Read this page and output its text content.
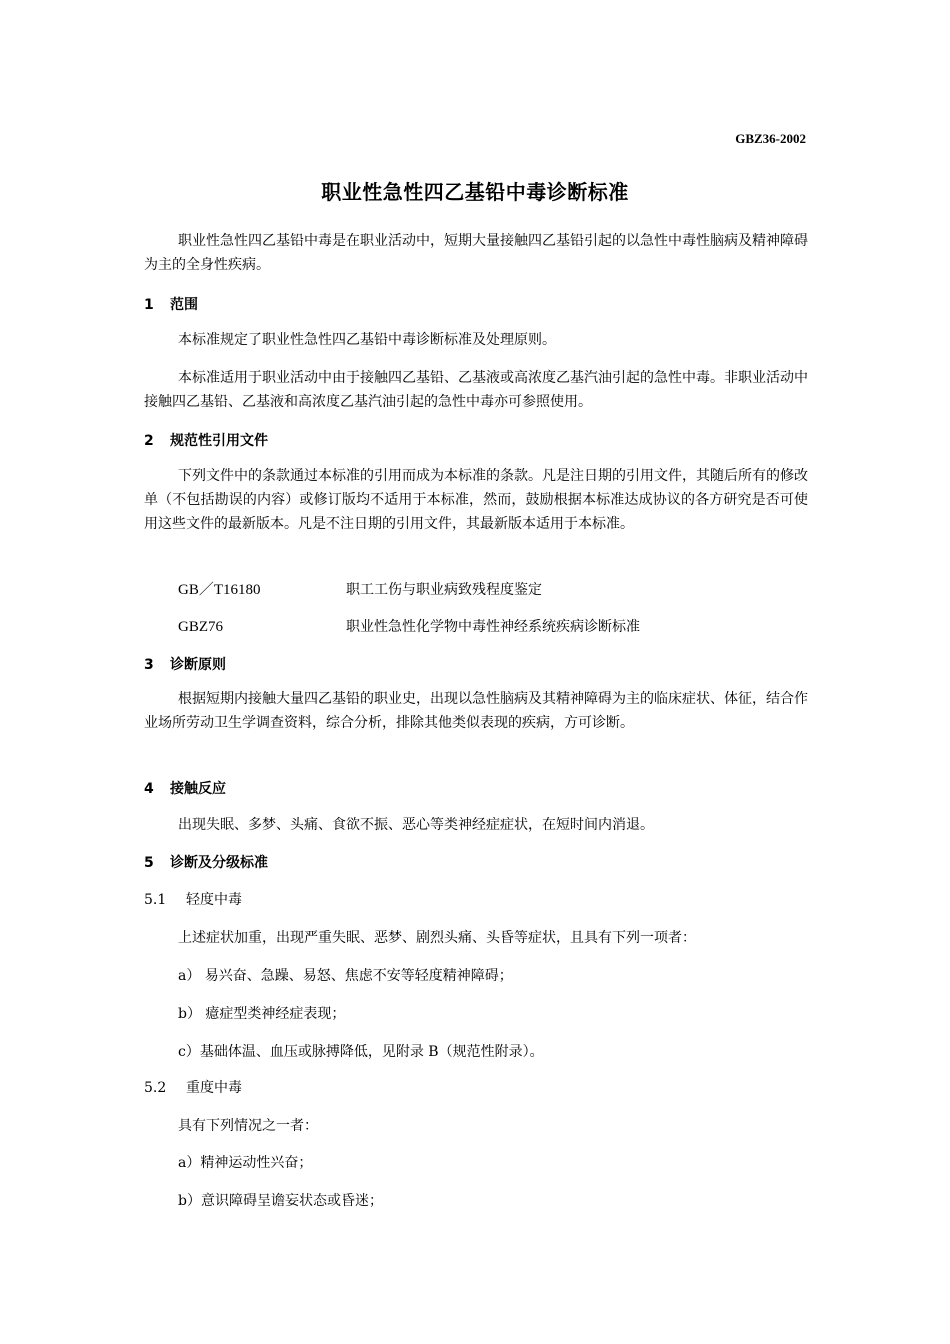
GBZ36-2002
职业性急性四乙基铅中毒诊断标准
职业性急性四乙基铅中毒是在职业活动中，短期大量接触四乙基铅引起的以急性中毒性脑病及精神障碍为主的全身性疾病。
1 范围
本标准规定了职业性急性四乙基铅中毒诊断标准及处理原则。
本标准适用于职业活动中由于接触四乙基铅、乙基液或高浓度乙基汽油引起的急性中毒。非职业活动中接触四乙基铅、乙基液和高浓度乙基汽油引起的急性中毒亦可参照使用。
2 规范性引用文件
下列文件中的条款通过本标准的引用而成为本标准的条款。凡是注日期的引用文件，其随后所有的修改单（不包括勘误的内容）或修订版均不适用于本标准，然而，鼓励根据本标准达成协议的各方研究是否可使用这些文件的最新版本。凡是不注日期的引用文件，其最新版本适用于本标准。
GB／T16180	职工工伤与职业病致残程度鉴定
GBZ76	职业性急性化学物中毒性神经系统疾病诊断标准
3 诊断原则
根据短期内接触大量四乙基铅的职业史，出现以急性脑病及其精神障碍为主的临床症状、体征，结合作业场所劳动卫生学调查资料，综合分析，排除其他类似表现的疾病，方可诊断。
4 接触反应
出现失眠、多梦、头痛、食欲不振、恶心等类神经症症状，在短时间内消退。
5 诊断及分级标准
5.1 轻度中毒
上述症状加重，出现严重失眠、恶梦、剧烈头痛、头昏等症状，且具有下列一项者：
a） 易兴奋、急躁、易怒、焦虑不安等轻度精神障碍；
b） 癔症型类神经症表现；
c）基础体温、血压或脉搏降低，见附录 B（规范性附录）。
5.2 重度中毒
具有下列情况之一者：
a）精神运动性兴奋；
b）意识障碍呈谵妄状态或昏迷；
